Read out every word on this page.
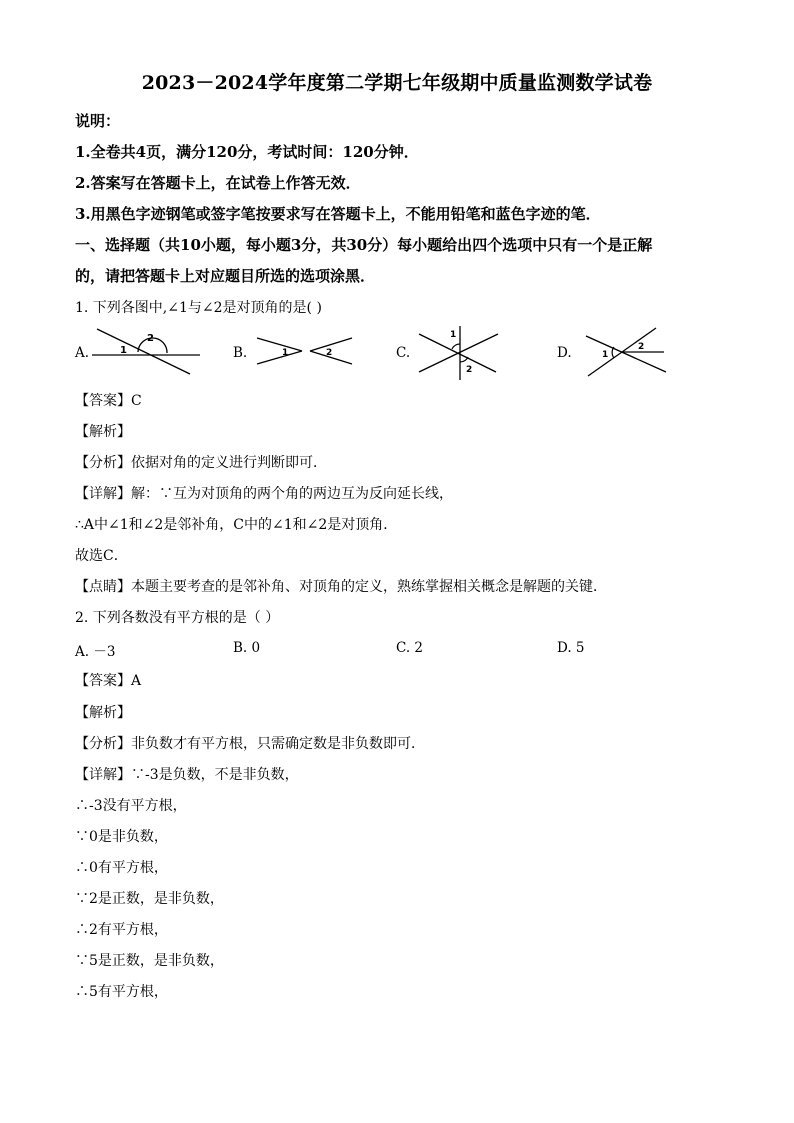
2023－2024学年度第二学期七年级期中质量监测数学试卷
说明：
1.全卷共4页，满分120分，考试时间：120分钟．
2.答案写在答题卡上，在试卷上作答无效．
3.用黑色字迹钢笔或签字笔按要求写在答题卡上，不能用铅笔和蓝色字迹的笔．
一、选择题（共10小题，每小题3分，共30分）每小题给出四个选项中只有一个是正解
的，请把答题卡上对应题目所选的选项涂黑．
1. 下列各图中,∠1与∠2是对顶角的是( )
A.	1
2
B.	1	2	C.
1
2
D.	1
2
【答案】C
【解析】
【分析】依据对角的定义进行判断即可．
【详解】解：∵互为对顶角的两个角的两边互为反向延长线，
∴A中∠1和∠2是邻补角，C中的∠1和∠2是对顶角．
故选C．
【点睛】本题主要考查的是邻补角、对顶角的定义，熟练掌握相关概念是解题的关键．
2. 下列各数没有平方根的是（ ）
A. －3	B. 0	C. 2	D. 5
【答案】A
【解析】
【分析】非负数才有平方根，只需确定数是非负数即可．
【详解】∵-3是负数，不是非负数，
∴-3没有平方根，
∵0是非负数，
∴0有平方根，
∵2是正数，是非负数，
∴2有平方根，
∵5是正数，是非负数，
∴5有平方根，
